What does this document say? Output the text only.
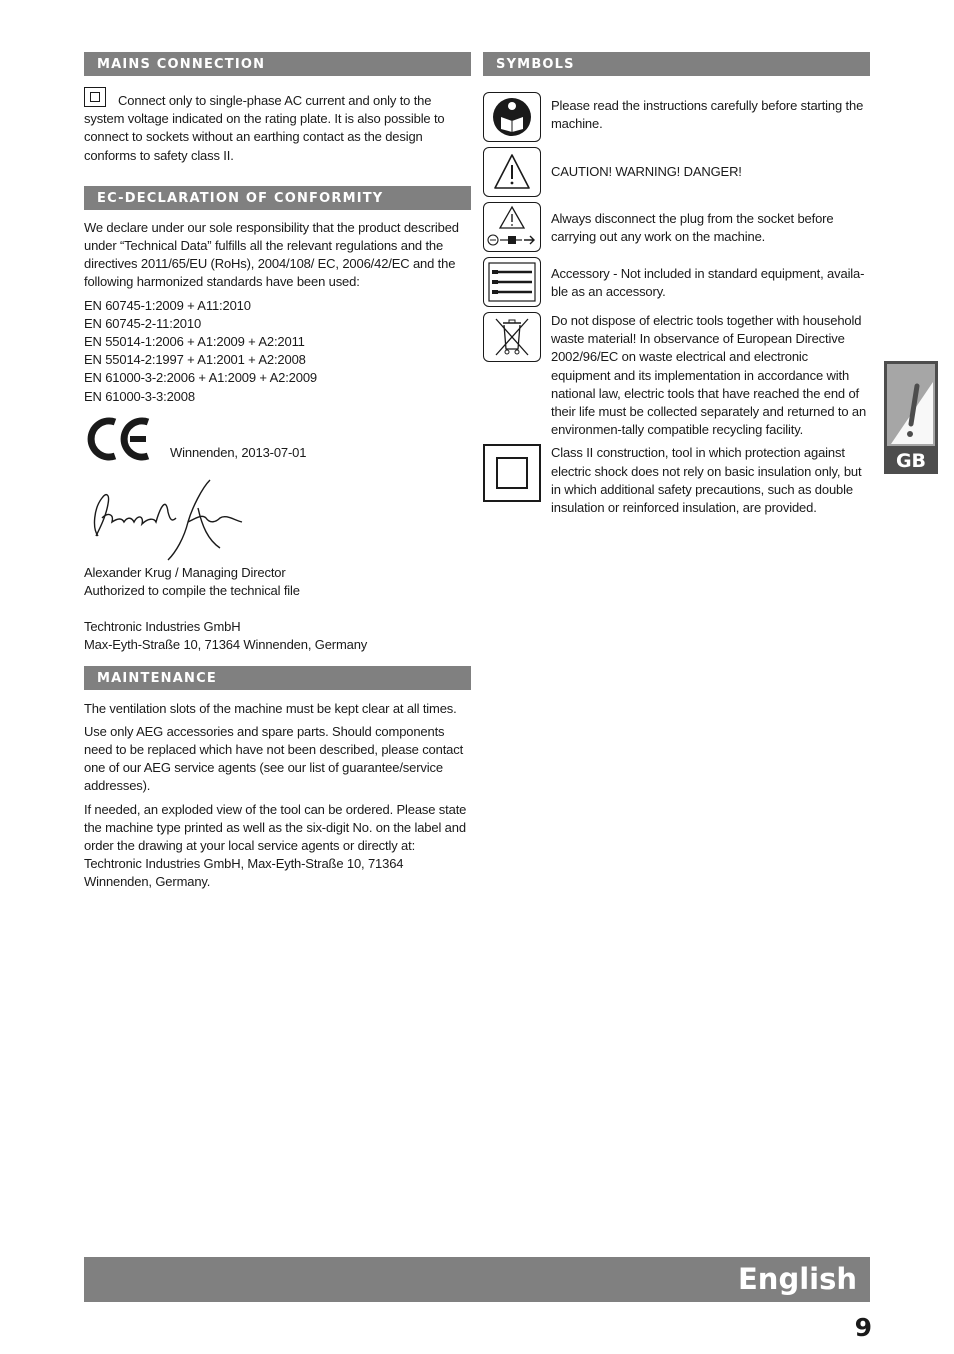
MAINS CONNECTION

Connect only to single-phase AC current and only to the system voltage indicated on the rating plate. It is also possible to connect to sockets without an earthing contact as the design conforms to safety class II.

EC-DECLARATION OF CONFORMITY

We declare under our sole responsibility that the product described under “Technical Data” fulfills all the relevant regulations and the directives 2011/65/EU (RoHs), 2004/108/ EC, 2006/42/EC and the following harmonized standards have been used:

EN 60745-1:2009 + A11:2010
EN 60745-2-11:2010
EN 55014-1:2006 + A1:2009 + A2:2011
EN 55014-2:1997 + A1:2001 + A2:2008
EN 61000-3-2:2006 + A1:2009 + A2:2009
EN 61000-3-3:2008
Winnenden, 2013-07-01

Alexander Krug / Managing Director

Authorized to compile the technical file

Techtronic Industries GmbH

Max-Eyth-Straße 10, 71364 Winnenden, Germany

MAINTENANCE

The ventilation slots of the machine must be kept clear at all times.

Use only AEG accessories and spare parts. Should components need to be replaced which have not been described, please contact one of our AEG service agents (see our list of guarantee/service addresses).

If needed, an exploded view of the tool can be ordered. Please state the machine type printed as well as the six-digit No. on the label and order the drawing at your local service agents or directly at: Techtronic Industries GmbH, Max-Eyth-Straße 10, 71364 Winnenden, Germany.

SYMBOLS
Please read the instructions carefully before starting the machine.
CAUTION! WARNING! DANGER!
Always disconnect the plug from the socket before carrying out any work on the machine.
Accessory - Not included in standard equipment, availa-ble as an accessory.
Do not dispose of electric tools together with household waste material! In observance of European Directive 2002/96/EC on waste electrical and electronic equipment and its implementation in accordance with national law, electric tools that have reached the end of their life must be collected separately and returned to an environmen-tally compatible recycling facility.
Class II construction, tool in which protection against electric shock does not rely on basic insulation only, but in which additional safety precautions, such as double insulation or reinforced insulation, are provided.
GB
English
9
